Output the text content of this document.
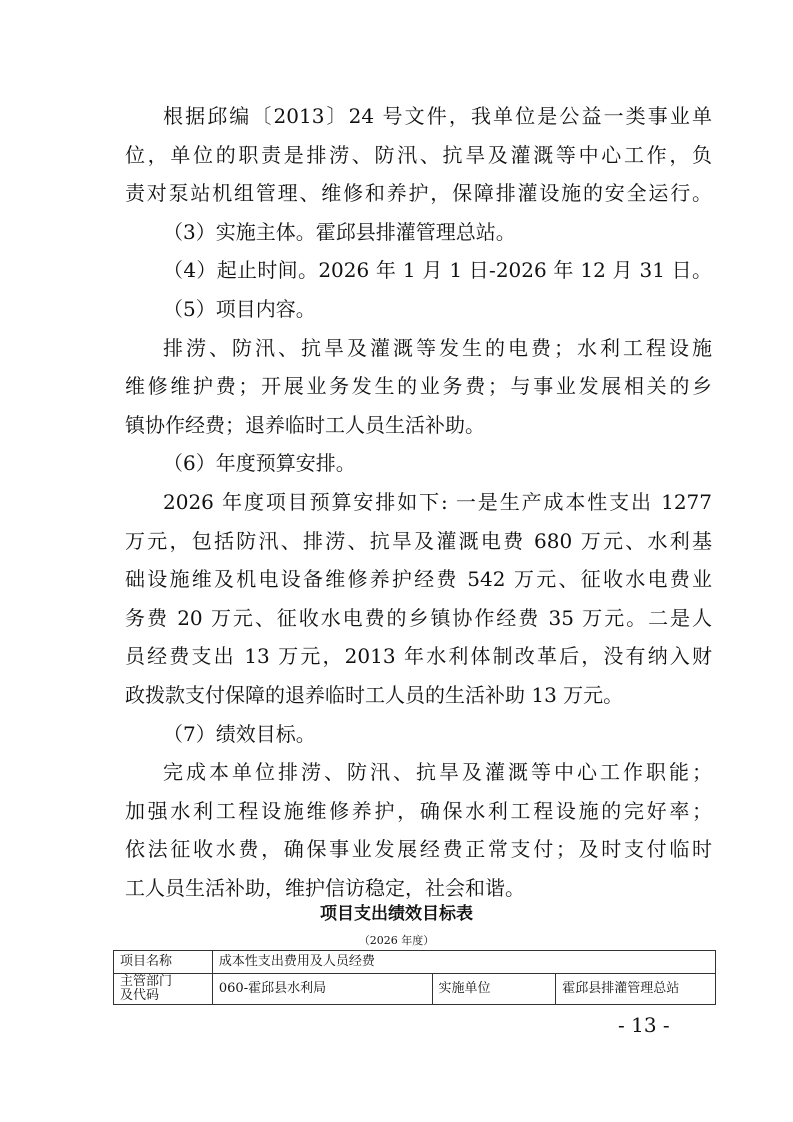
根据邱编〔2013〕24 号文件，我单位是公益一类事业单
位，单位的职责是排涝、防汛、抗旱及灌溉等中心工作，负
责对泵站机组管理、维修和养护，保障排灌设施的安全运行。
（3）实施主体。霍邱县排灌管理总站。
（4）起止时间。2026 年 1 月 1 日-2026 年 12 月 31 日。
（5）项目内容。
排涝、防汛、抗旱及灌溉等发生的电费；水利工程设施
维修维护费；开展业务发生的业务费；与事业发展相关的乡
镇协作经费；退养临时工人员生活补助。
（6）年度预算安排。
2026 年度项目预算安排如下: 一是生产成本性支出 1277
万元，包括防汛、排涝、抗旱及灌溉电费 680 万元、水利基
础设施维及机电设备维修养护经费 542 万元、征收水电费业
务费 20 万元、征收水电费的乡镇协作经费 35 万元。二是人
员经费支出 13 万元，2013 年水利体制改革后，没有纳入财
政拨款支付保障的退养临时工人员的生活补助 13 万元。
（7）绩效目标。
完成本单位排涝、防汛、抗旱及灌溉等中心工作职能；
加强水利工程设施维修养护，确保水利工程设施的完好率；
依法征收水费，确保事业发展经费正常支付；及时支付临时
工人员生活补助，维护信访稳定，社会和谐。
项目支出绩效目标表
（2026 年度）
项目名称	成本性支出费用及人员经费		
主管部门及代码	060-霍邱县水利局	实施单位	霍邱县排灌管理总站
- 13 -
